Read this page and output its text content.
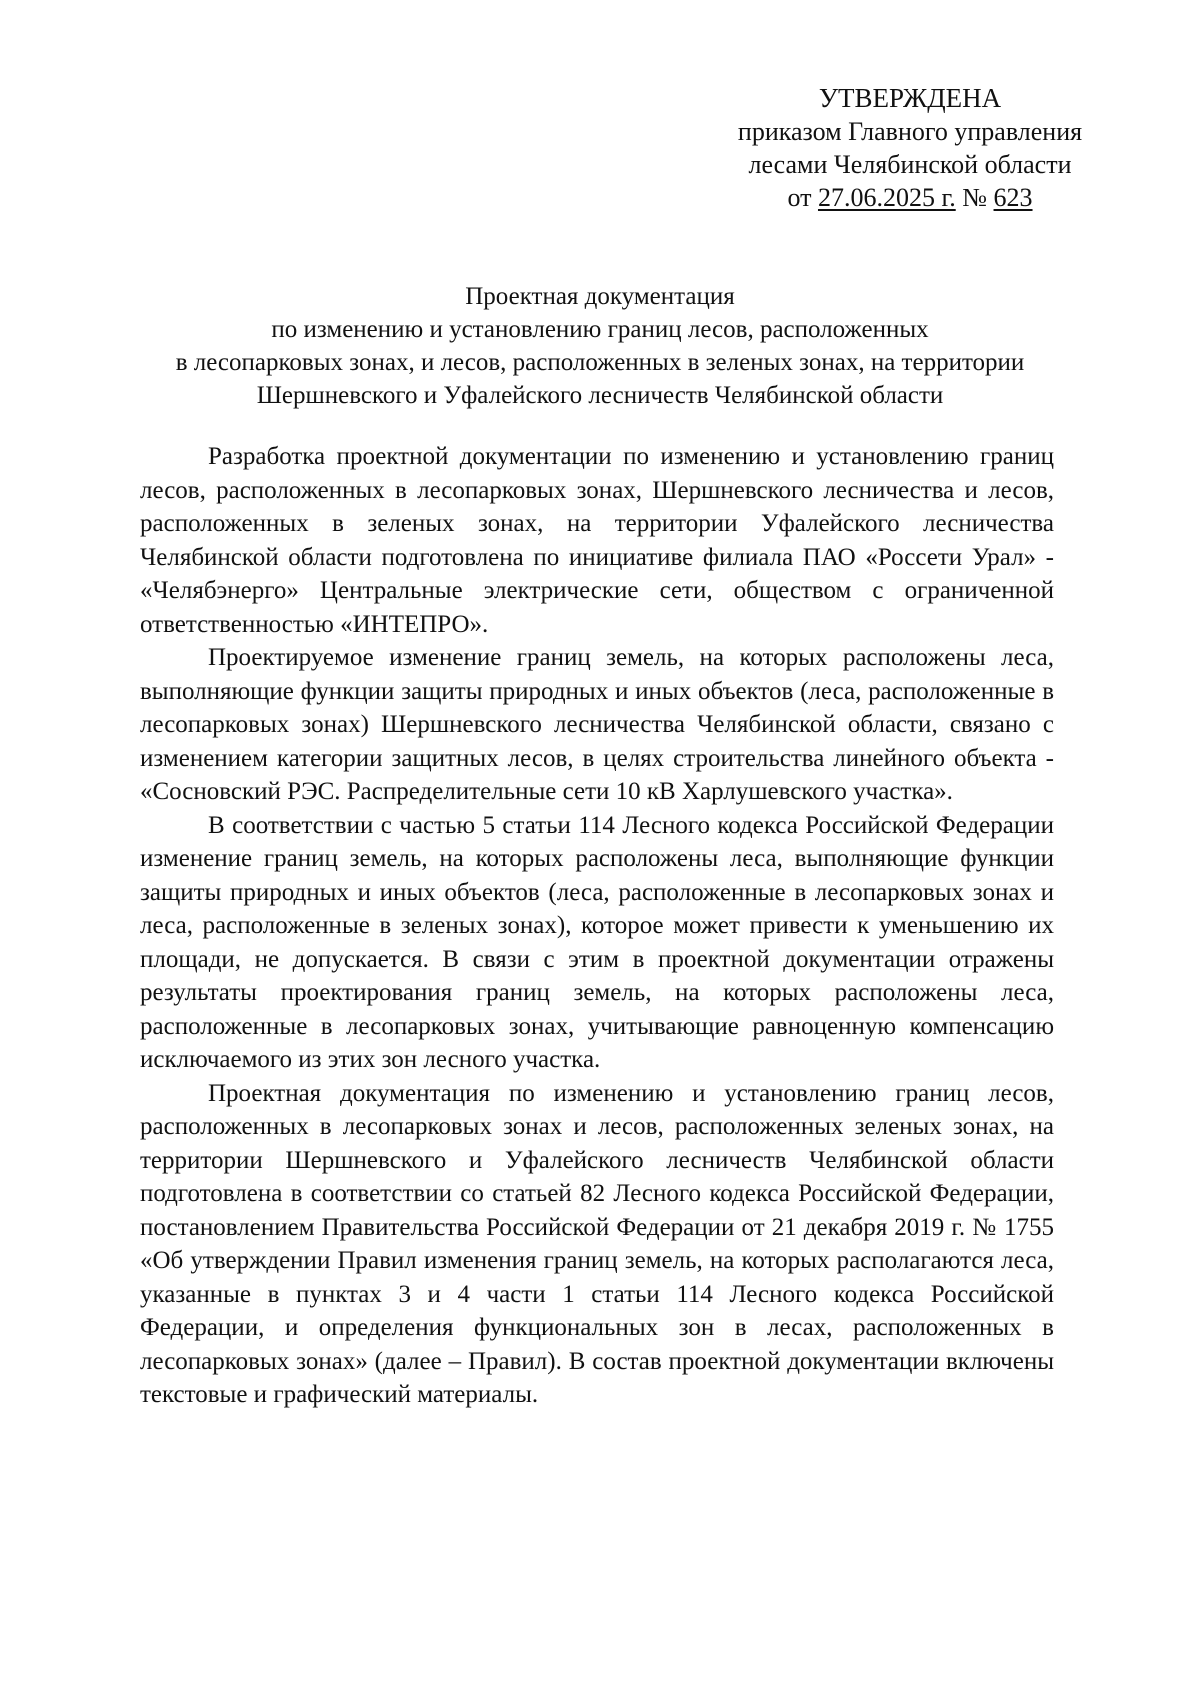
УТВЕРЖДЕНА
приказом Главного управления
лесами Челябинской области
от 27.06.2025 г. № 623
Проектная документация
по изменению и установлению границ лесов, расположенных
в лесопарковых зонах, и лесов, расположенных в зеленых зонах, на территории
Шершневского и Уфалейского лесничеств Челябинской области

Разработка проектной документации по изменению и установлению границ лесов, расположенных в лесопарковых зонах, Шершневского лесничества и лесов, расположенных в зеленых зонах, на территории Уфалейского лесничества Челябинской области подготовлена по инициативе филиала ПАО «Россети Урал» - «Челябэнерго» Центральные электрические сети, обществом с ограниченной ответственностью «ИНТЕПРО».

Проектируемое изменение границ земель, на которых расположены леса, выполняющие функции защиты природных и иных объектов (леса, расположенные в лесопарковых зонах) Шершневского лесничества Челябинской области, связано с изменением категории защитных лесов, в целях строительства линейного объекта - «Сосновский РЭС. Распределительные сети 10 кВ Харлушевского участка».

В соответствии с частью 5 статьи 114 Лесного кодекса Российской Федерации изменение границ земель, на которых расположены леса, выполняющие функции защиты природных и иных объектов (леса, расположенные в лесопарковых зонах и леса, расположенные в зеленых зонах), которое может привести к уменьшению их площади, не допускается. В связи с этим в проектной документации отражены результаты проектирования границ земель, на которых расположены леса, расположенные в лесопарковых зонах, учитывающие равноценную компенсацию исключаемого из этих зон лесного участка.

Проектная документация по изменению и установлению границ лесов, расположенных в лесопарковых зонах и лесов, расположенных зеленых зонах, на территории Шершневского и Уфалейского лесничеств Челябинской области подготовлена в соответствии со статьей 82 Лесного кодекса Российской Федерации, постановлением Правительства Российской Федерации от 21 декабря 2019 г. № 1755 «Об утверждении Правил изменения границ земель, на которых располагаются леса, указанные в пунктах 3 и 4 части 1 статьи 114 Лесного кодекса Российской Федерации, и определения функциональных зон в лесах, расположенных в лесопарковых зонах» (далее – Правил). В состав проектной документации включены текстовые и графический материалы.
